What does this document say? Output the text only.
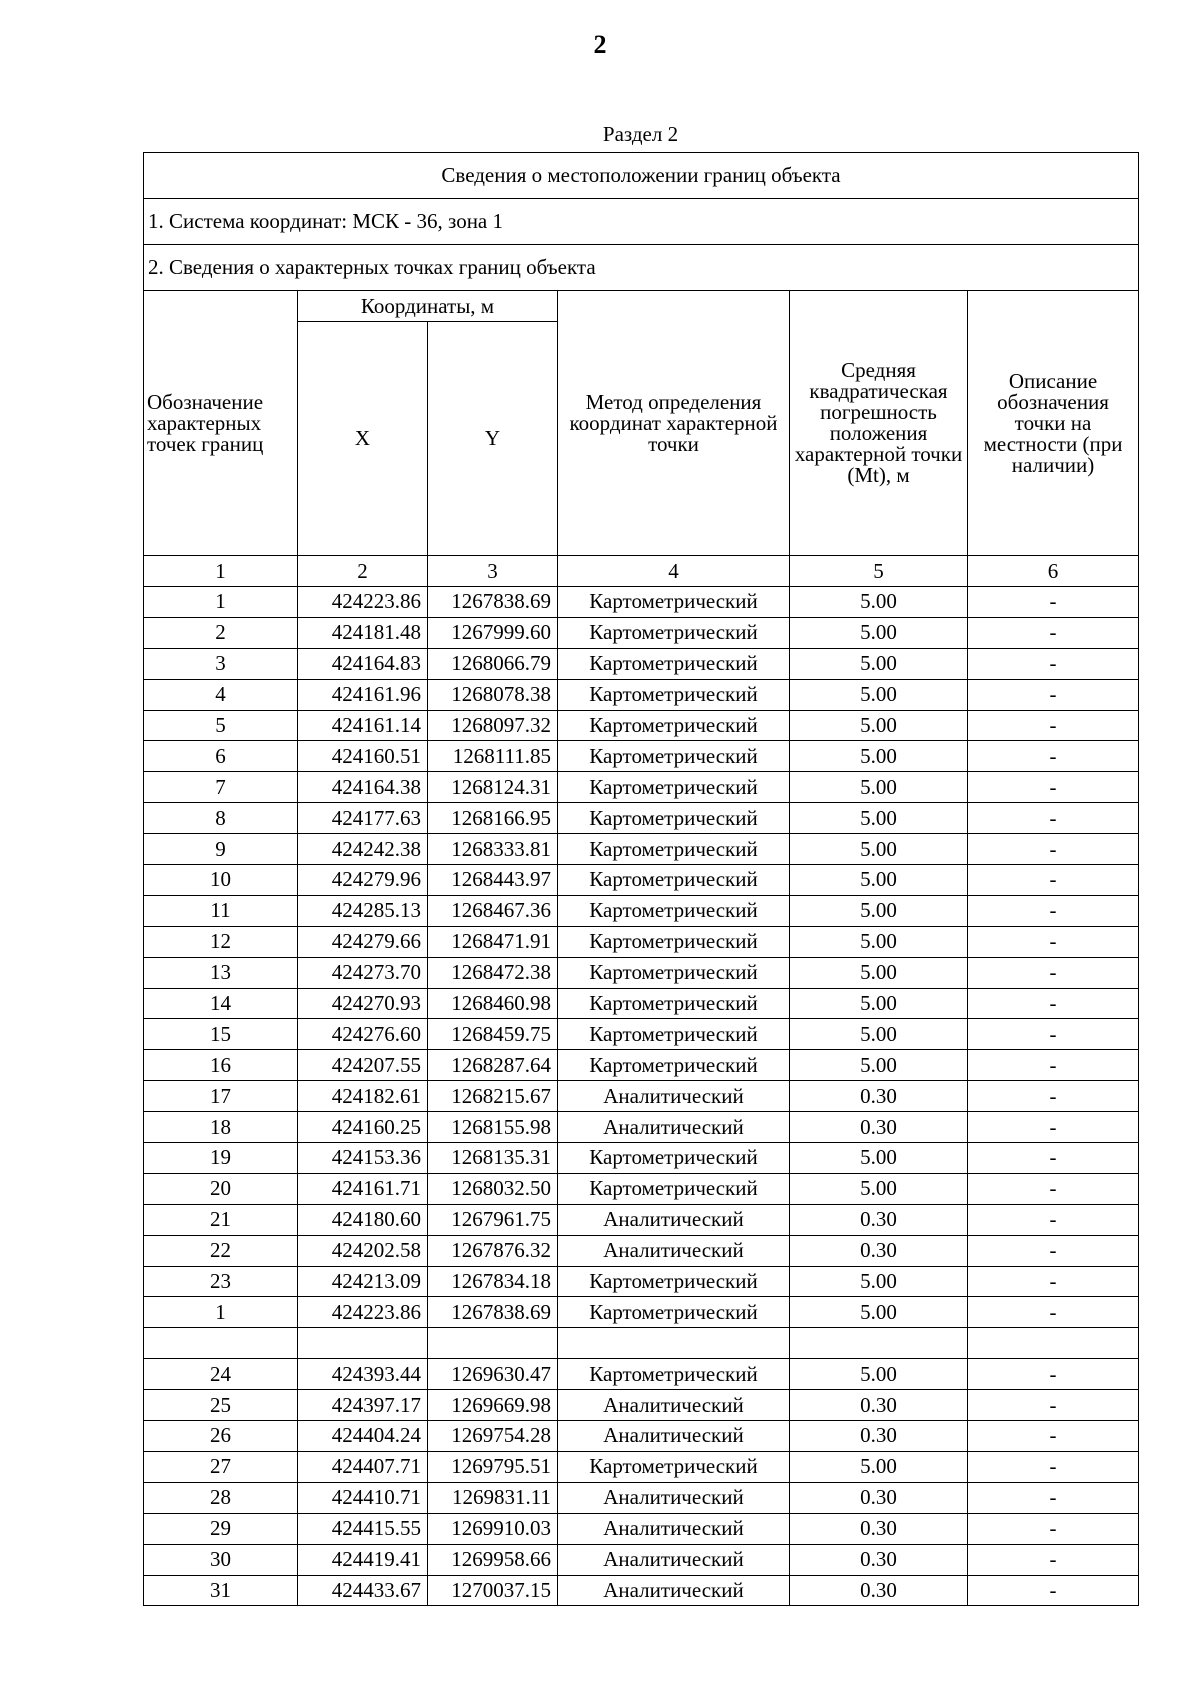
2
Раздел 2
Сведения о местоположении границ объекта					
1. Система координат: МСК - 36, зона 1					
2. Сведения о характерных точках границ объекта					
Обозначение характерных точек границ	Координаты, м		Метод определения координат характерной точки	Средняя квадратическая погрешность положения характерной точки (Mt), м	Описание обозначения точки на местности (при наличии)
	X	Y			
1	2	3	4	5	6
1	424223.86	1267838.69	Картометрический	5.00	-
2	424181.48	1267999.60	Картометрический	5.00	-
3	424164.83	1268066.79	Картометрический	5.00	-
4	424161.96	1268078.38	Картометрический	5.00	-
5	424161.14	1268097.32	Картометрический	5.00	-
6	424160.51	1268111.85	Картометрический	5.00	-
7	424164.38	1268124.31	Картометрический	5.00	-
8	424177.63	1268166.95	Картометрический	5.00	-
9	424242.38	1268333.81	Картометрический	5.00	-
10	424279.96	1268443.97	Картометрический	5.00	-
11	424285.13	1268467.36	Картометрический	5.00	-
12	424279.66	1268471.91	Картометрический	5.00	-
13	424273.70	1268472.38	Картометрический	5.00	-
14	424270.93	1268460.98	Картометрический	5.00	-
15	424276.60	1268459.75	Картометрический	5.00	-
16	424207.55	1268287.64	Картометрический	5.00	-
17	424182.61	1268215.67	Аналитический	0.30	-
18	424160.25	1268155.98	Аналитический	0.30	-
19	424153.36	1268135.31	Картометрический	5.00	-
20	424161.71	1268032.50	Картометрический	5.00	-
21	424180.60	1267961.75	Аналитический	0.30	-
22	424202.58	1267876.32	Аналитический	0.30	-
23	424213.09	1267834.18	Картометрический	5.00	-
1	424223.86	1267838.69	Картометрический	5.00	-

24	424393.44	1269630.47	Картометрический	5.00	-
25	424397.17	1269669.98	Аналитический	0.30	-
26	424404.24	1269754.28	Аналитический	0.30	-
27	424407.71	1269795.51	Картометрический	5.00	-
28	424410.71	1269831.11	Аналитический	0.30	-
29	424415.55	1269910.03	Аналитический	0.30	-
30	424419.41	1269958.66	Аналитический	0.30	-
31	424433.67	1270037.15	Аналитический	0.30	-
